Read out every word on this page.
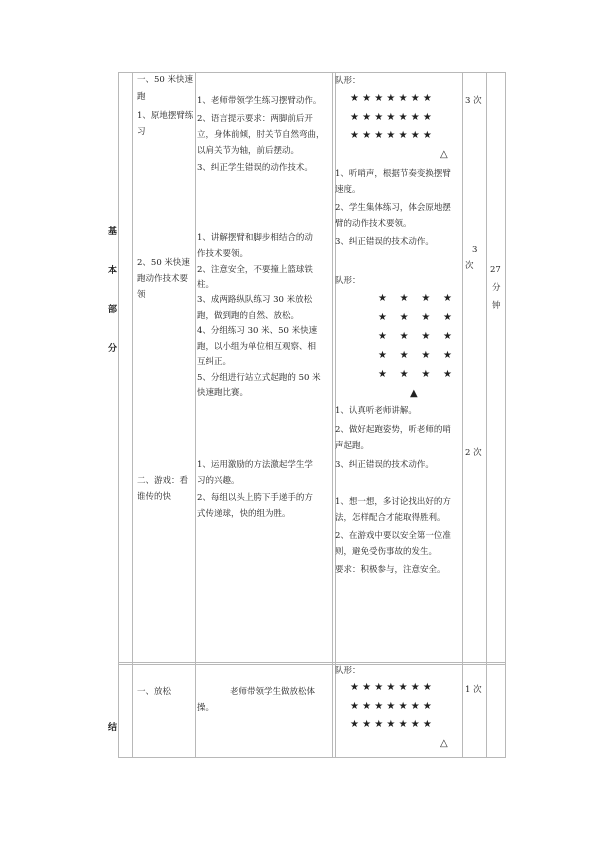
基
本
部
分
结
一、50 米快速
跑
1、原地摆臂练
习
2、50 米快速
跑动作技术要
领
二、游戏：看
谁传的快
一、放松
1、老师带领学生练习摆臂动作。
2、语言提示要求：两脚前后开
立，身体前倾，肘关节自然弯曲，
以肩关节为轴，前后摆动。
3、纠正学生错误的动作技术。
1、讲解摆臂和脚步相结合的动
作技术要领。
2、注意安全，不要撞上篮球铁
柱。
3、成两路纵队练习 30 米放松
跑，做到跑的自然、放松。
4、分组练习 30 米、50 米快速
跑，以小组为单位相互观察、相
互纠正。
5、分组进行站立式起跑的 50 米
快速跑比赛。
1、运用激励的方法激起学生学
习的兴趣。
2、每组以头上胯下手递手的方
式传递球，快的组为胜。
老师带领学生做放松体
操。
队形：
★ ★ ★ ★ ★ ★ ★
★ ★ ★ ★ ★ ★ ★
★ ★ ★ ★ ★ ★ ★
△
1、听哨声，根据节奏变换摆臂
速度。
2、学生集体练习，体会原地摆
臂的动作技术要领。
3、纠正错误的技术动作。
队形：
★    ★    ★    ★
★    ★    ★    ★
★    ★    ★    ★
★    ★    ★    ★
★    ★    ★    ★
▲
1、认真听老师讲解。
2、做好起跑姿势，听老师的哨
声起跑。
3、纠正错误的技术动作。
1、想一想，多讨论找出好的方
法，怎样配合才能取得胜利。
2、在游戏中要以安全第一位准
则，避免受伤事故的发生。
要求：积极参与，注意安全。
队形：
★ ★ ★ ★ ★ ★ ★
★ ★ ★ ★ ★ ★ ★
★ ★ ★ ★ ★ ★ ★
△
3 次
3
次
2 次
1 次
27
分
钟
